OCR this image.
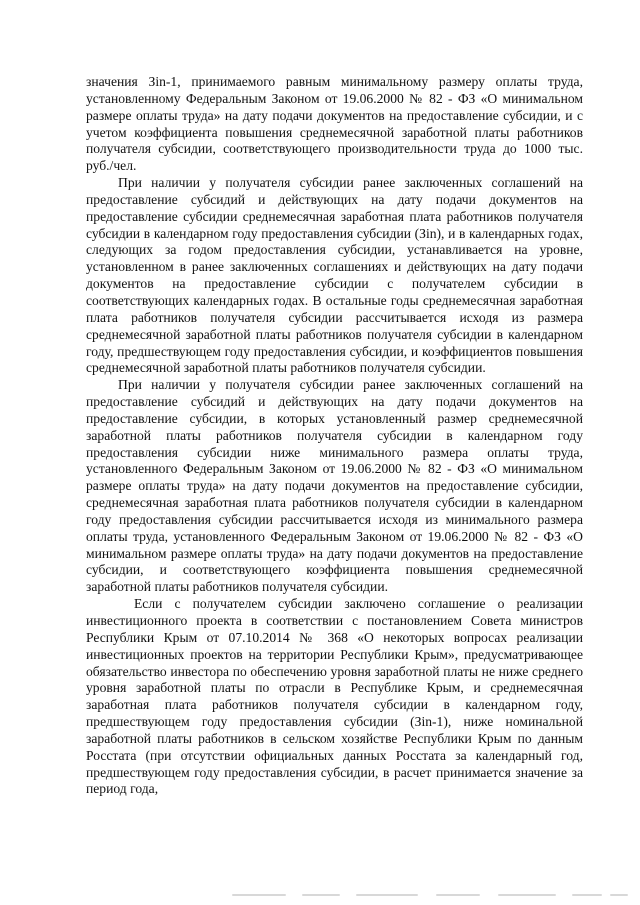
значения Зin-1, принимаемого равным минимальному размеру оплаты труда, установленному Федеральным Законом от 19.06.2000 № 82 - ФЗ «О минимальном размере оплаты труда» на дату подачи документов на предоставление субсидии, и с учетом коэффициента повышения среднемесячной заработной платы работников получателя субсидии, соответствующего производительности труда до 1000 тыс. руб./чел.

При наличии у получателя субсидии ранее заключенных соглашений на предоставление субсидий и действующих на дату подачи документов на предоставление субсидии среднемесячная заработная плата работников получателя субсидии в календарном году предоставления субсидии (Зin), и в календарных годах, следующих за годом предоставления субсидии, устанавливается на уровне, установленном в ранее заключенных соглашениях и действующих на дату подачи документов на предоставление субсидии с получателем субсидии в соответствующих календарных годах. В остальные годы среднемесячная заработная плата работников получателя субсидии рассчитывается исходя из размера среднемесячной заработной платы работников получателя субсидии в календарном году, предшествующем году предоставления субсидии, и коэффициентов повышения среднемесячной заработной платы работников получателя субсидии.

При наличии у получателя субсидии ранее заключенных соглашений на предоставление субсидий и действующих на дату подачи документов на предоставление субсидии, в которых установленный размер среднемесячной заработной платы работников получателя субсидии в календарном году предоставления субсидии ниже минимального размера оплаты труда, установленного Федеральным Законом от 19.06.2000 № 82 - ФЗ «О минимальном размере оплаты труда» на дату подачи документов на предоставление субсидии, среднемесячная заработная плата работников получателя субсидии в календарном году предоставления субсидии рассчитывается исходя из минимального размера оплаты труда, установленного Федеральным Законом от 19.06.2000 № 82 - ФЗ «О минимальном размере оплаты труда» на дату подачи документов на предоставление субсидии, и соответствующего коэффициента повышения среднемесячной заработной платы работников получателя субсидии.

Если с получателем субсидии заключено соглашение о реализации инвестиционного проекта в соответствии с постановлением Совета министров Республики Крым от 07.10.2014 № 368 «О некоторых вопросах реализации инвестиционных проектов на территории Республики Крым», предусматривающее обязательство инвестора по обеспечению уровня заработной платы не ниже среднего уровня заработной платы по отрасли в Республике Крым, и среднемесячная заработная плата работников получателя субсидии в календарном году, предшествующем году предоставления субсидии (Зin-1), ниже номинальной заработной платы работников в сельском хозяйстве Республики Крым по данным Росстата (при отсутствии официальных данных Росстата за календарный год, предшествующем году предоставления субсидии, в расчет принимается значение за период года,
